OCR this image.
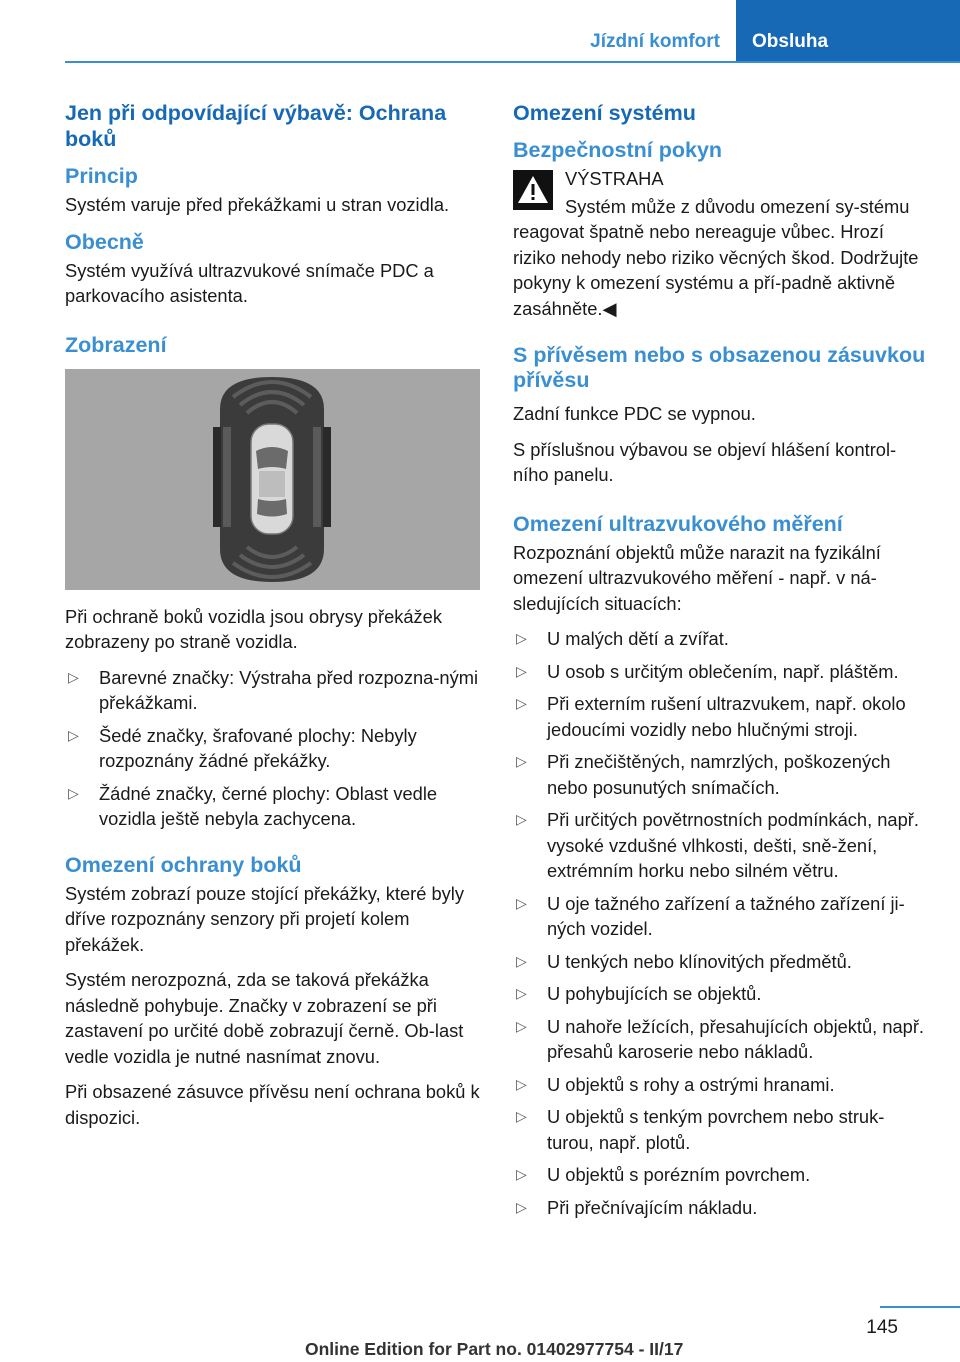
Jízdní komfort	Obsluha
Jen při odpovídající výbavě: Ochrana boků
Princip

Systém varuje před překážkami u stran vozidla.

Obecně

Systém využívá ultrazvukové snímače PDC a parkovacího asistenta.

Zobrazení

Při ochraně boků vozidla jsou obrysy překážek zobrazeny po straně vozidla.

▷ Barevné značky: Výstraha před rozpozna‐nými překážkami.
▷ Šedé značky, šrafované plochy: Nebyly rozpoznány žádné překážky.
▷ Žádné značky, černé plochy: Oblast vedle vozidla ještě nebyla zachycena.
Omezení ochrany boků

Systém zobrazí pouze stojící překážky, které byly dříve rozpoznány senzory při projetí kolem překážek.

Systém nerozpozná, zda se taková překážka následně pohybuje. Značky v zobrazení se při zastavení po určité době zobrazují černě. Ob‐last vedle vozidla je nutné nasnímat znovu.

Při obsazené zásuvce přívěsu není ochrana boků k dispozici.

Omezení systému
Bezpečnostní pokyn

VÝSTRAHA

Systém může z důvodu omezení sy‐stému reagovat špatně nebo nereaguje vůbec. Hrozí riziko nehody nebo riziko věcných škod. Dodržujte pokyny k omezení systému a pří‐padně aktivně zasáhněte.◀

S přívěsem nebo s obsazenou zásuvkou přívěsu

Zadní funkce PDC se vypnou.

S příslušnou výbavou se objeví hlášení kontrol‐ního panelu.

Omezení ultrazvukového měření

Rozpoznání objektů může narazit na fyzikální omezení ultrazvukového měření - např. v ná‐sledujících situacích:

▷ U malých dětí a zvířat.
▷ U osob s určitým oblečením, např. pláštěm.
▷ Při externím rušení ultrazvukem, např. okolo jedoucími vozidly nebo hlučnými stroji.
▷ Při znečištěných, namrzlých, poškozených nebo posunutých snímačích.
▷ Při určitých povětrnostních podmínkách, např. vysoké vzdušné vlhkosti, dešti, sně‐žení, extrémním horku nebo silném větru.
▷ U oje tažného zařízení a tažného zařízení ji‐ných vozidel.
▷ U tenkých nebo klínovitých předmětů.
▷ U pohybujících se objektů.
▷ U nahoře ležících, přesahujících objektů, např. přesahů karoserie nebo nákladů.
▷ U objektů s rohy a ostrými hranami.
▷ U objektů s tenkým povrchem nebo struk‐turou, např. plotů.
▷ U objektů s porézním povrchem.
▷ Při přečnívajícím nákladu.
145
Online Edition for Part no. 01402977754 - II/17
